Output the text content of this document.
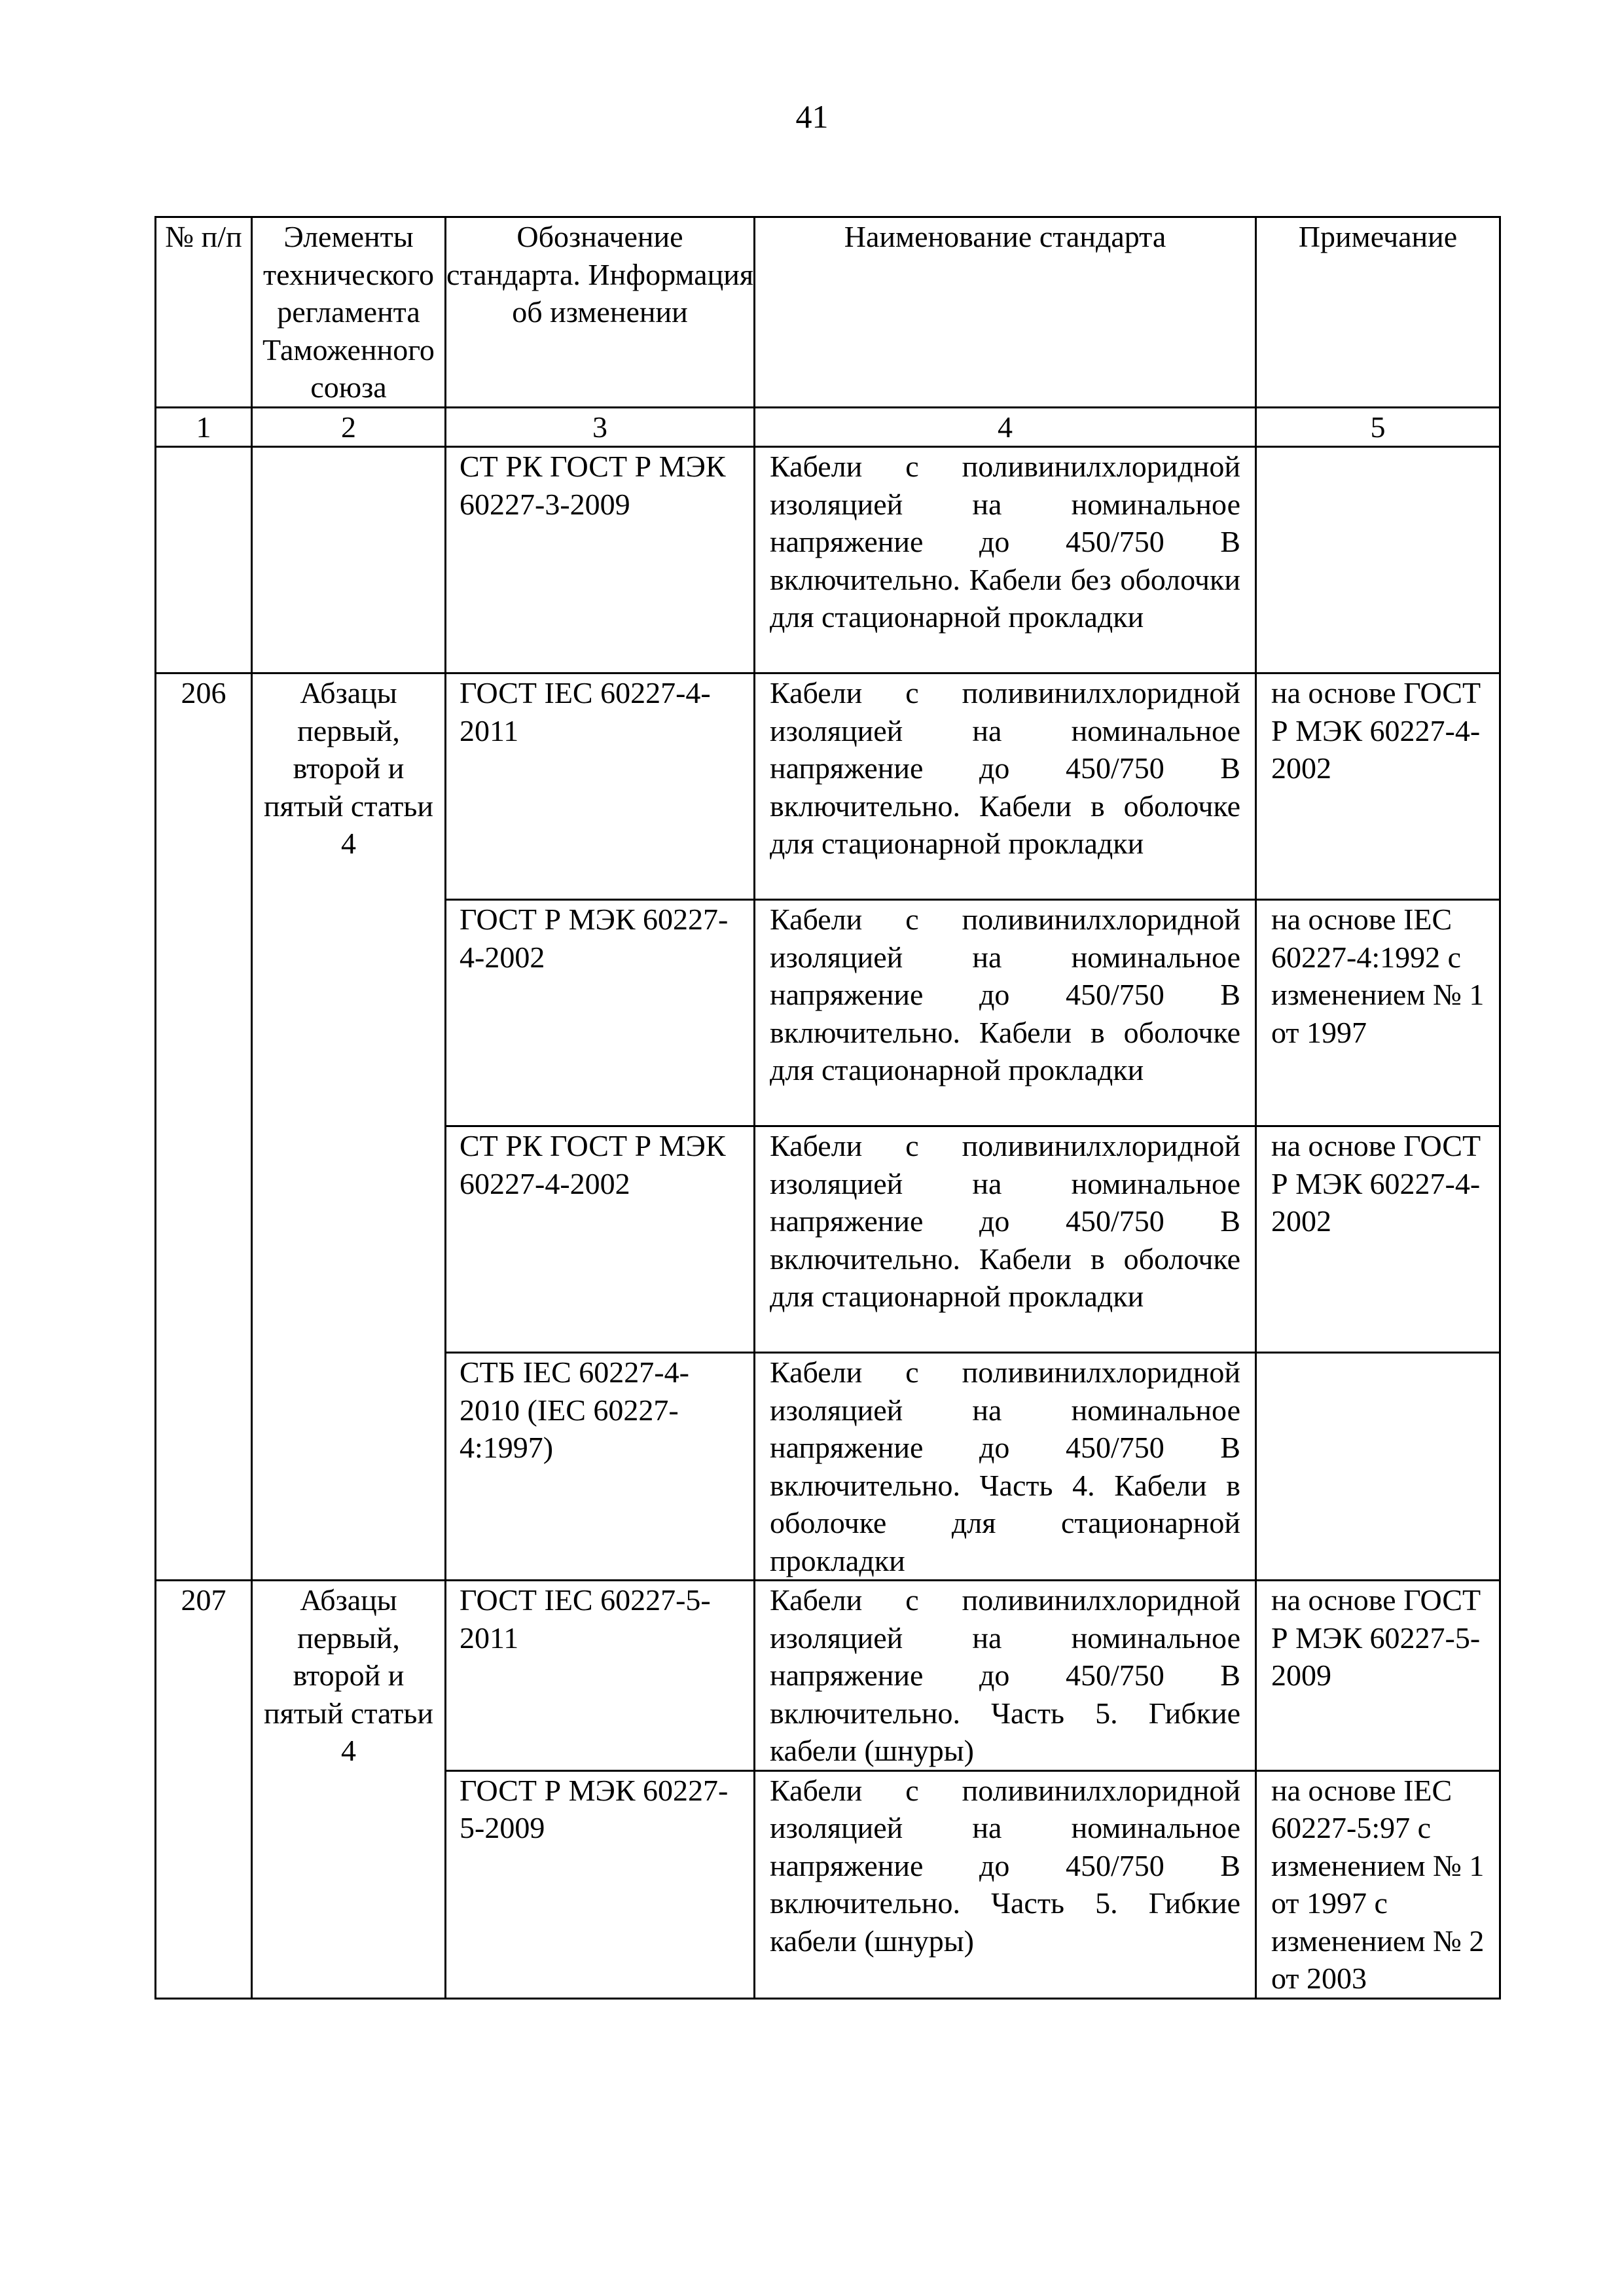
41
№ п/п	Элементы технического регламента Таможенного союза	Обозначение стандарта. Информация об изменении	Наименование стандарта	Примечание
1	2	3	4	5
		СТ РК ГОСТ Р МЭК 60227-3-2009	Кабели с поливинилхлоридной изоляцией на номинальное напряжение до 450/750 В включительно. Кабели без оболочки для стационарной прокладки	
206	Абзацы первый, второй и пятый статьи 4	ГОСТ IEC 60227-4-2011	Кабели с поливинилхлоридной изоляцией на номинальное напряжение до 450/750 В включительно. Кабели в оболочке для стационарной прокладки	на основе ГОСТ Р МЭК 60227-4-2002
		ГОСТ Р МЭК 60227-4-2002	Кабели с поливинилхлоридной изоляцией на номинальное напряжение до 450/750 В включительно. Кабели в оболочке для стационарной прокладки	на основе IEC 60227-4:1992 с изменением № 1 от 1997
		СТ РК ГОСТ Р МЭК 60227-4-2002	Кабели с поливинилхлоридной изоляцией на номинальное напряжение до 450/750 В включительно. Кабели в оболочке для стационарной прокладки	на основе ГОСТ Р МЭК 60227-4-2002
		СТБ IEC 60227-4-2010 (IEC 60227-4:1997)	Кабели с поливинилхлоридной изоляцией на номинальное напряжение до 450/750 В включительно. Часть 4. Кабели в оболочке для стационарной прокладки	
207	Абзацы первый, второй и пятый статьи 4	ГОСТ IEC 60227-5-2011	Кабели с поливинилхлоридной изоляцией на номинальное напряжение до 450/750 В включительно. Часть 5. Гибкие кабели (шнуры)	на основе ГОСТ Р МЭК 60227-5-2009
		ГОСТ Р МЭК 60227-5-2009	Кабели с поливинилхлоридной изоляцией на номинальное напряжение до 450/750 В включительно. Часть 5. Гибкие кабели (шнуры)	на основе IEC 60227-5:97 с изменением № 1 от 1997 с изменением № 2 от 2003
